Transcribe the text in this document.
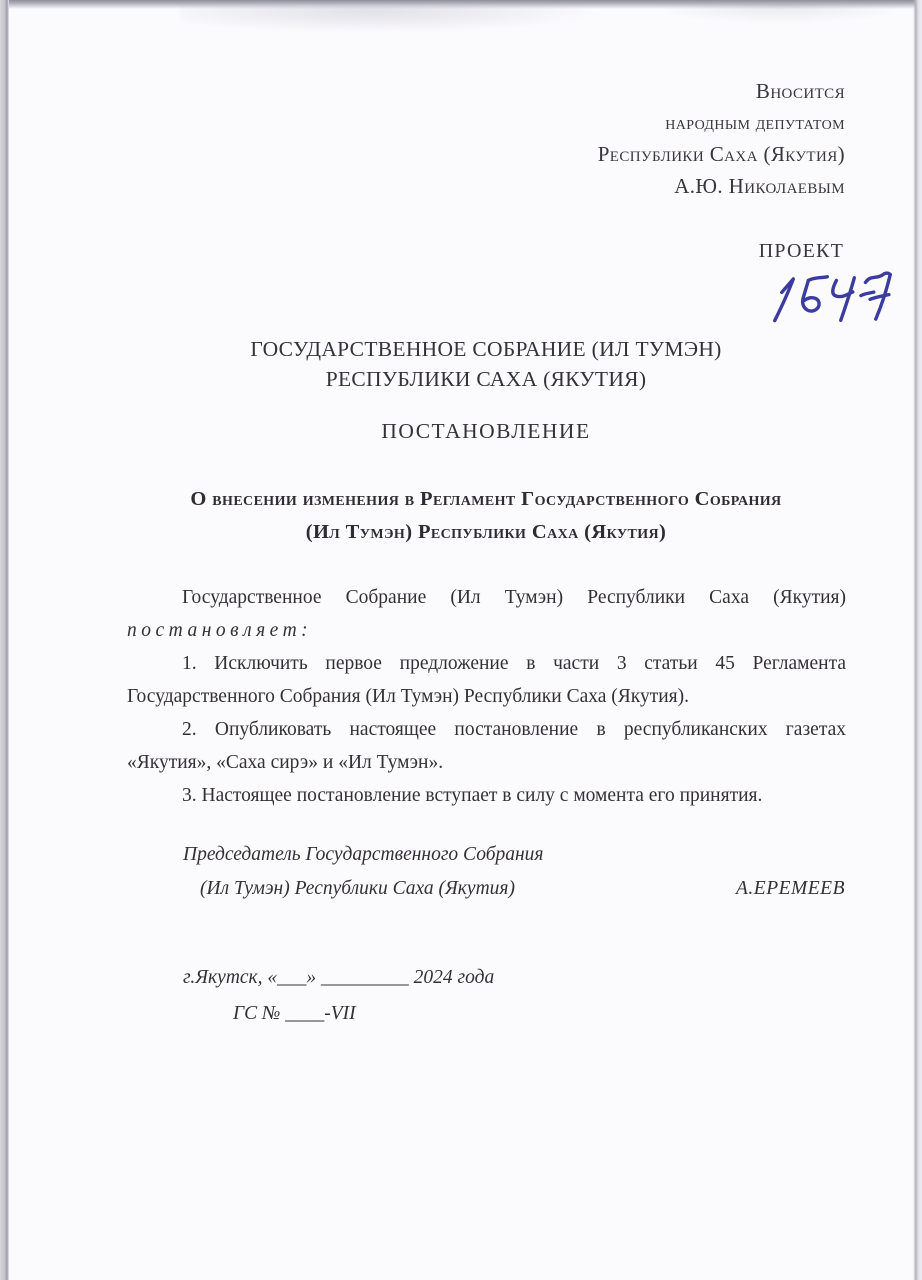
Вносится
народным депутатом
Республики Саха (Якутия)
А.Ю. Николаевым
ПРОЕКТ
ГОСУДАРСТВЕННОЕ СОБРАНИЕ (ИЛ ТУМЭН)
РЕСПУБЛИКИ САХА (ЯКУТИЯ)
ПОСТАНОВЛЕНИЕ
О внесении изменения в Регламент Государственного Собрания
(Ил Тумэн) Республики Саха (Якутия)

Государственное Собрание (Ил Тумэн) Республики Саха (Якутия) постановляет:

1. Исключить первое предложение в части 3 статьи 45 Регламента Государственного Собрания (Ил Тумэн) Республики Саха (Якутия).

2. Опубликовать настоящее постановление в республиканских газетах «Якутия», «Саха сирэ» и «Ил Тумэн».

3. Настоящее постановление вступает в силу с момента его принятия.

Председатель Государственного Собрания
(Ил Тумэн) Республики Саха (Якутия)	А.ЕРЕМЕЕВ
г.Якутск, «___» _________ 2024 года
ГС № ____-VII
